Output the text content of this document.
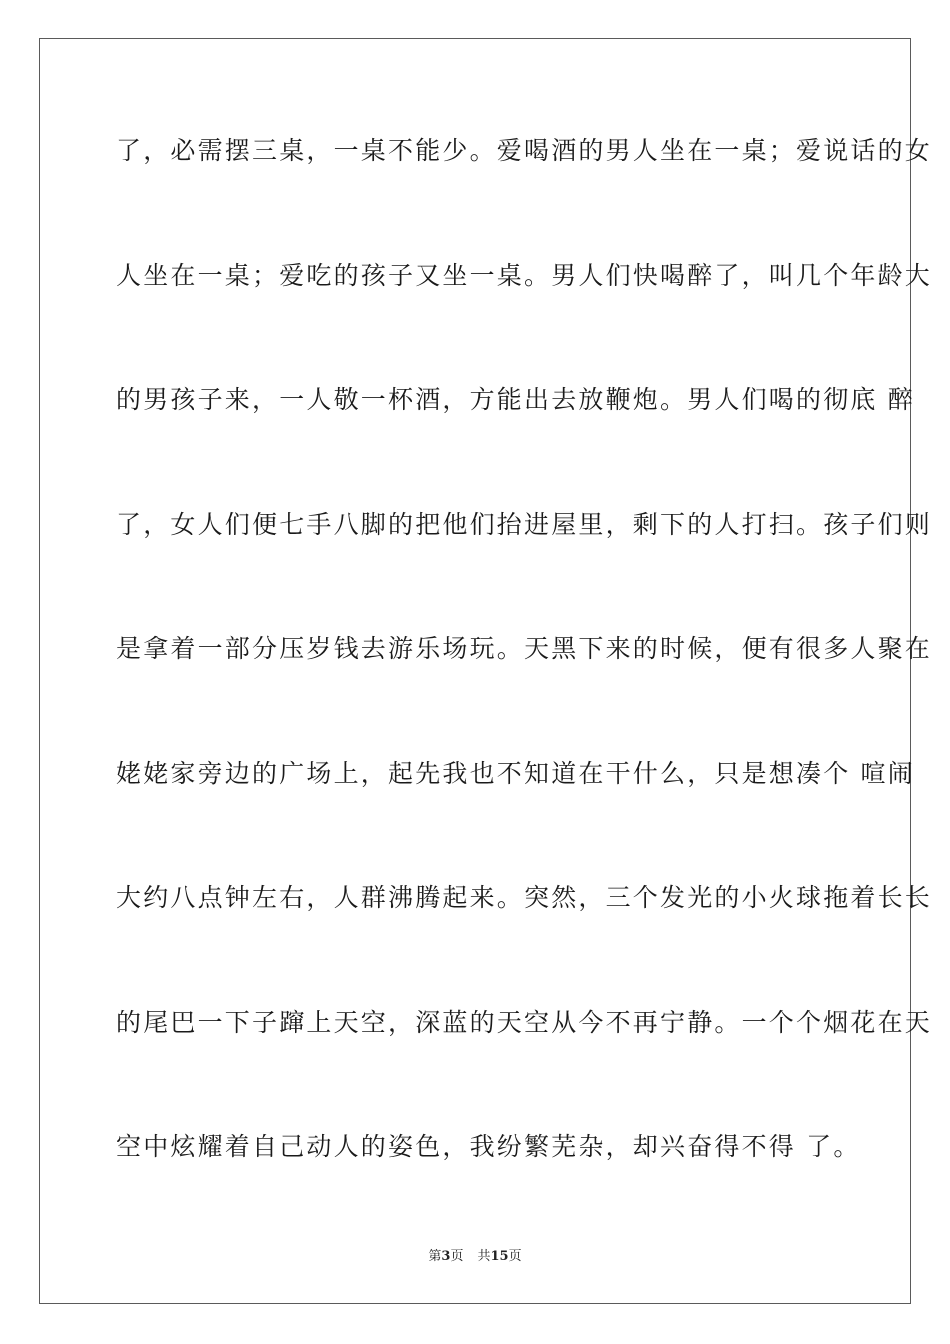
了，必需摆三桌，一桌不能少。爱喝酒的男人坐在一桌；爱说话的女
人坐在一桌；爱吃的孩子又坐一桌。男人们快喝醉了，叫几个年龄大
的男孩子来，一人敬一杯酒，方能出去放鞭炮。男人们喝的彻底 醉
了，女人们便七手八脚的把他们抬进屋里，剩下的人打扫。孩子们则
是拿着一部分压岁钱去游乐场玩。天黑下来的时候，便有很多人聚在
姥姥家旁边的广场上，起先我也不知道在干什么，只是想凑个 喧闹
大约八点钟左右，人群沸腾起来。突然，三个发光的小火球拖着长长
的尾巴一下子蹿上天空，深蓝的天空从今不再宁静。一个个烟花在天
空中炫耀着自己动人的姿色，我纷繁芜杂，却兴奋得不得 了。
第3页 共15页
